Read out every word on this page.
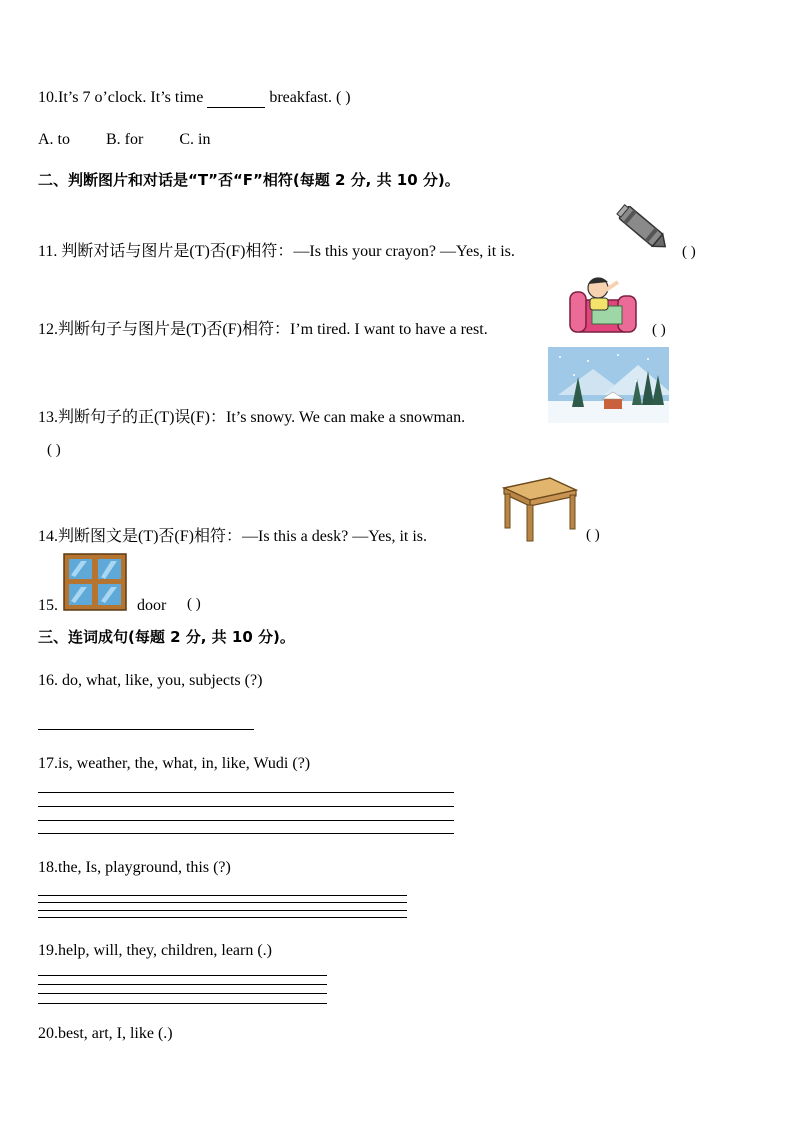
10.It’s 7 o’clock. It’s time	breakfast. ( )
A. to B. for C. in
二、判断图片和对话是“T”否“F”相符(每题 2 分, 共 10 分)。
11. 判断对话与图片是(T)否(F)相符：—Is this your crayon? —Yes, it is.	( )
12.判断句子与图片是(T)否(F)相符：I’m tired. I want to have a rest.	( )
13.判断句子的正(T)误(F)：It’s snowy. We can make a snowman.
( )
14.判断图文是(T)否(F)相符：—Is this a desk? —Yes, it is.	( )
15.	door ( )
三、连词成句(每题 2 分, 共 10 分)。
16. do, what, like, you, subjects (?)
17.is, weather, the, what, in, like, Wudi (?)
18.the, Is, playground, this (?)
19.help, will, they, children, learn (.)
20.best, art, I, like (.)
